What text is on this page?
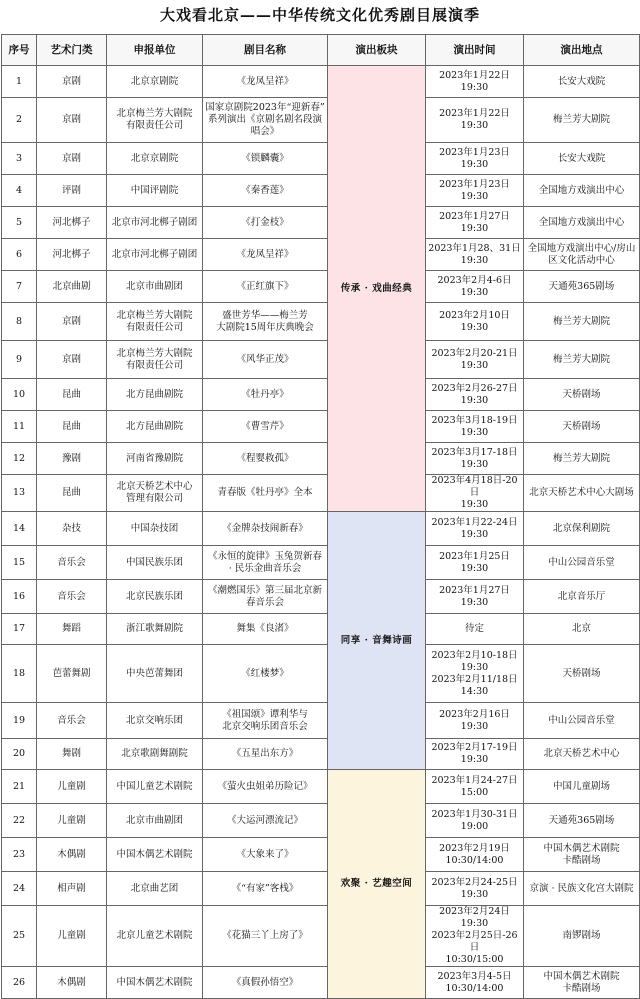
大戏看北京——中华传统文化优秀剧目展演季
序号	艺术门类	申报单位	剧目名称	演出板块	演出时间	演出地点
1	京剧	北京京剧院	《龙凤呈祥》	传承 · 戏曲经典	2023年1月22日
19:30	长安大戏院
2	京剧	北京梅兰芳大剧院
有限责任公司	国家京剧院2023年“迎新春”
系列演出《京剧名剧名段演
唱会》		2023年1月22日
19:30	梅兰芳大剧院
3	京剧	北京京剧院	《锁麟囊》		2023年1月23日
19:30	长安大戏院
4	评剧	中国评剧院	《秦香莲》		2023年1月23日
19:30	全国地方戏演出中心
5	河北梆子	北京市河北梆子剧团	《打金枝》		2023年1月27日
19:30	全国地方戏演出中心
6	河北梆子	北京市河北梆子剧团	《龙凤呈祥》		2023年1月28、31日
19:30	全国地方戏演出中心/房山
区文化活动中心
7	北京曲剧	北京市曲剧团	《正红旗下》		2023年2月4-6日
19:30	天通苑365剧场
8	京剧	北京梅兰芳大剧院
有限责任公司	盛世芳华——梅兰芳
大剧院15周年庆典晚会		2023年2月10日
19:30	梅兰芳大剧院
9	京剧	北京梅兰芳大剧院
有限责任公司	《风华正茂》		2023年2月20-21日
19:30	梅兰芳大剧院
10	昆曲	北方昆曲剧院	《牡丹亭》		2023年2月26-27日
19:30	天桥剧场
11	昆曲	北方昆曲剧院	《曹雪芹》		2023年3月18-19日
19:30	天桥剧场
12	豫剧	河南省豫剧院	《程婴救孤》		2023年3月17-18日
19:30	梅兰芳大剧院
13	昆曲	北京天桥艺术中心
管理有限公司	青春版《牡丹亭》全本		2023年4月18日-20日
19:30	北京天桥艺术中心大剧场
14	杂技	中国杂技团	《金牌杂技闹新春》	同享 · 音舞诗画	2023年1月22-24日
19:30	北京保利剧院
15	音乐会	中国民族乐团	《永恒的旋律》玉兔贺新春
· 民乐金曲音乐会		2023年1月25日
19:30	中山公园音乐堂
16	音乐会	北京民族乐团	《潮燃国乐》第三届北京新
春音乐会		2023年1月27日
19:30	北京音乐厅
17	舞蹈	浙江歌舞剧院	舞集《良渚》		待定	北京
18	芭蕾舞剧	中央芭蕾舞团	《红楼梦》		2023年2月10-18日
19:30
2023年2月11/18日
14:30	天桥剧场
19	音乐会	北京交响乐团	《祖国颂》谭利华与
北京交响乐团音乐会		2023年2月16日
19:30	中山公园音乐堂
20	舞剧	北京歌剧舞剧院	《五星出东方》		2023年2月17-19日
19:30	北京天桥艺术中心
21	儿童剧	中国儿童艺术剧院	《萤火虫姐弟历险记》	欢聚 · 艺趣空间	2023年1月24-27日
15:00	中国儿童剧场
22	儿童剧	北京市曲剧团	《大运河漂流记》		2023年1月30-31日
19:00	天通苑365剧场
23	木偶剧	中国木偶艺术剧院	《大象来了》		2023年2月19日
10:30/14:00	中国木偶艺术剧院
卡酷剧场
24	相声剧	北京曲艺团	《“有家”客栈》		2023年2月24-25日
19:30	京演 · 民族文化宫大剧院
25	儿童剧	北京儿童艺术剧院	《花猫三丫上房了》		2023年2月24日
19:30
2023年2月25日-26日
10:30/15:00	南锣剧场
26	木偶剧	中国木偶艺术剧院	《真假孙悟空》		2023年3月4-5日
10:30/14:00	中国木偶艺术剧院
卡酷剧场
